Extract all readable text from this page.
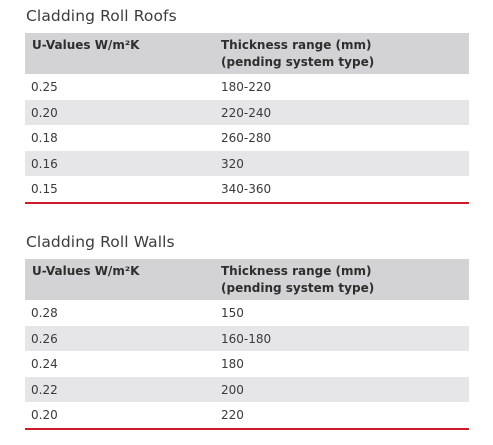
Cladding Roll Roofs
U-Values W/m²K	Thickness range (mm)
(pending system type)
0.25	180-220
0.20	220-240
0.18	260-280
0.16	320
0.15	340-360
Cladding Roll Walls
U-Values W/m²K	Thickness range (mm)
(pending system type)
0.28	150
0.26	160-180
0.24	180
0.22	200
0.20	220
